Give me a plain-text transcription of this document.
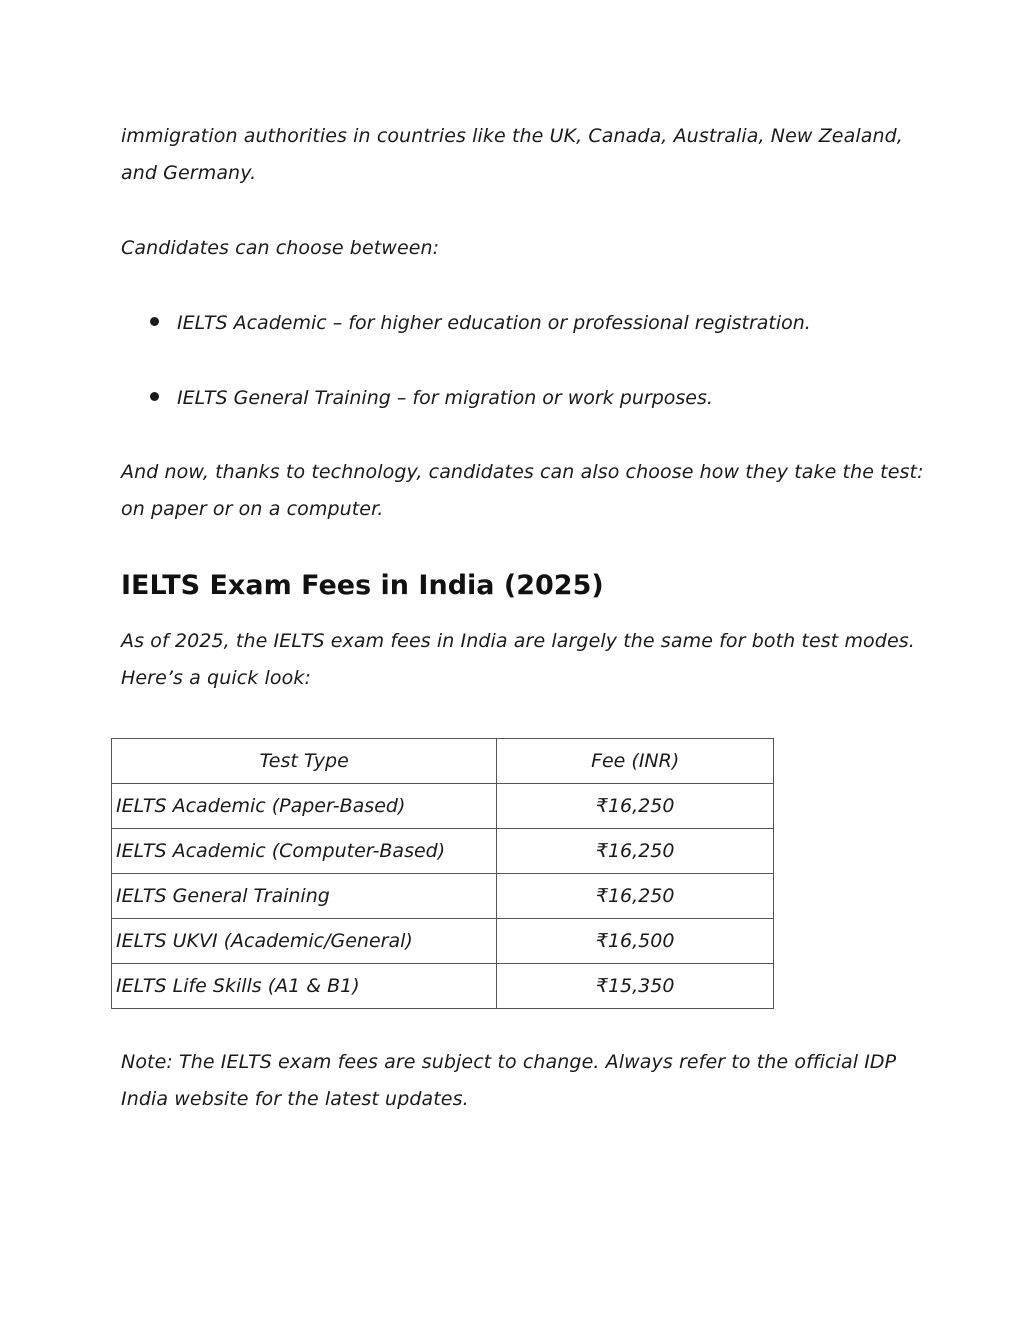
immigration authorities in countries like the UK, Canada, Australia, New Zealand,
and Germany.

Candidates can choose between:

IELTS Academic – for higher education or professional registration.
IELTS General Training – for migration or work purposes.

And now, thanks to technology, candidates can also choose how they take the test:
on paper or on a computer.

IELTS Exam Fees in India (2025)

As of 2025, the IELTS exam fees in India are largely the same for both test modes.
Here’s a quick look:

Test Type	Fee (INR)
IELTS Academic (Paper-Based)	₹16,250
IELTS Academic (Computer-Based)	₹16,250
IELTS General Training	₹16,250
IELTS UKVI (Academic/General)	₹16,500
IELTS Life Skills (A1 & B1)	₹15,350

Note: The IELTS exam fees are subject to change. Always refer to the official IDP
India website for the latest updates.
